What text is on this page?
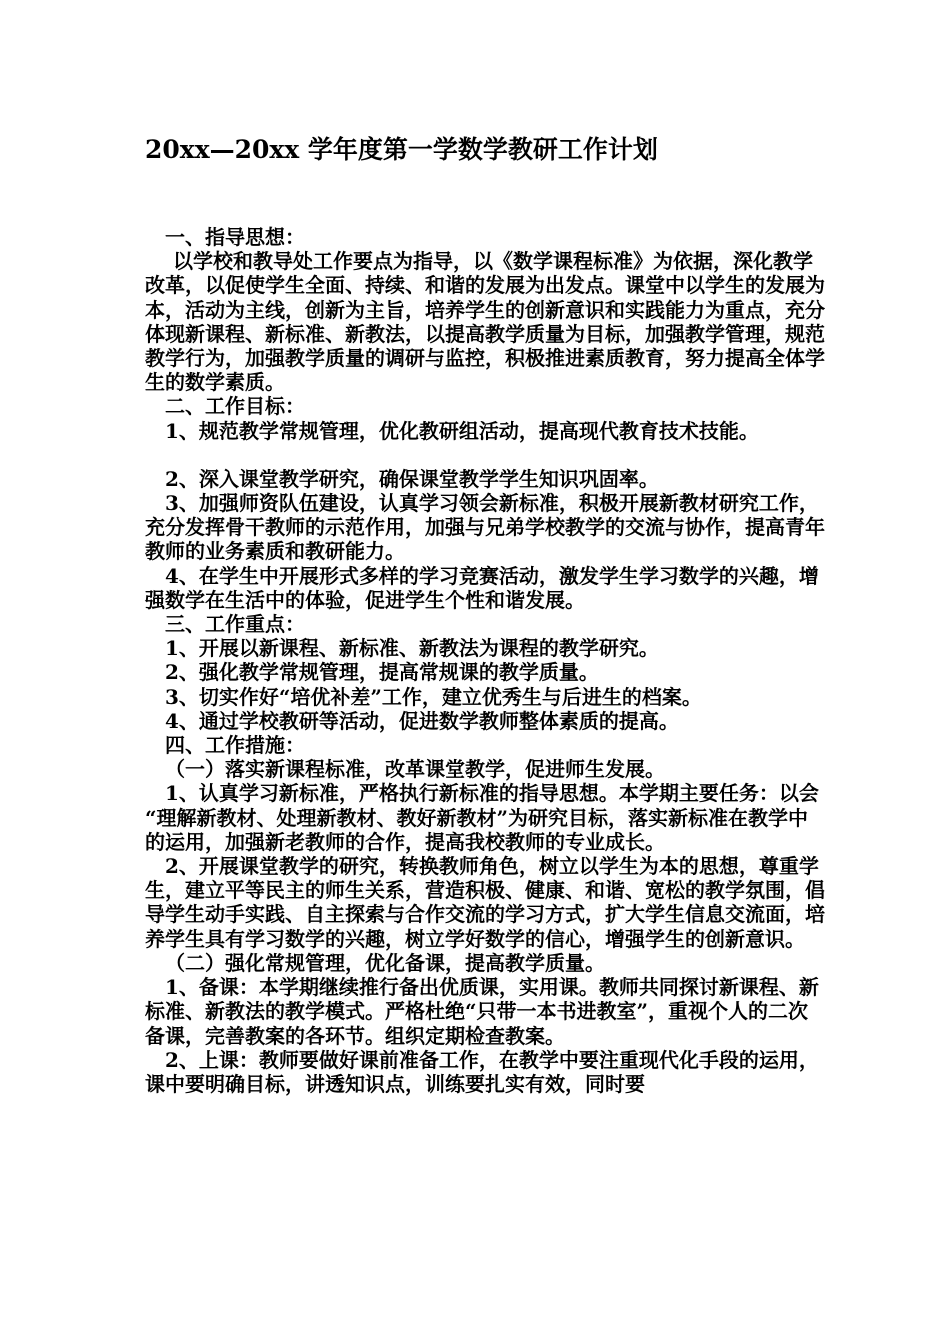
20xx—20xx 学年度第一学数学教研工作计划

一、指导思想：

以学校和教导处工作要点为指导，以《数学课程标准》为依据，深化教学改革，以促使学生全面、持续、和谐的发展为出发点。课堂中以学生的发展为本，活动为主线，创新为主旨，培养学生的创新意识和实践能力为重点，充分体现新课程、新标准、新教法，以提高教学质量为目标，加强教学管理，规范教学行为，加强教学质量的调研与监控，积极推进素质教育，努力提高全体学生的数学素质。

二、工作目标：

1、规范教学常规管理，优化教研组活动，提高现代教育技术技能。

2、深入课堂教学研究，确保课堂教学学生知识巩固率。

3、加强师资队伍建设，认真学习领会新标准，积极开展新教材研究工作，充分发挥骨干教师的示范作用，加强与兄弟学校教学的交流与协作，提高青年教师的业务素质和教研能力。

4、在学生中开展形式多样的学习竞赛活动，激发学生学习数学的兴趣，增强数学在生活中的体验，促进学生个性和谐发展。

三、工作重点：

1、开展以新课程、新标准、新教法为课程的教学研究。

2、强化教学常规管理，提高常规课的教学质量。

3、切实作好“培优补差”工作，建立优秀生与后进生的档案。

4、通过学校教研等活动，促进数学教师整体素质的提高。

四、工作措施：

（一）落实新课程标准，改革课堂教学，促进师生发展。

1、认真学习新标准，严格执行新标准的指导思想。本学期主要任务：以会“理解新教材、处理新教材、教好新教材”为研究目标，落实新标准在教学中的运用，加强新老教师的合作，提高我校教师的专业成长。

2、开展课堂教学的研究，转换教师角色，树立以学生为本的思想，尊重学生，建立平等民主的师生关系，营造积极、健康、和谐、宽松的教学氛围，倡导学生动手实践、自主探索与合作交流的学习方式，扩大学生信息交流面，培养学生具有学习数学的兴趣，树立学好数学的信心，增强学生的创新意识。

（二）强化常规管理，优化备课，提高教学质量。

1、备课：本学期继续推行备出优质课，实用课。教师共同探讨新课程、新标准、新教法的教学模式。严格杜绝“只带一本书进教室”，重视个人的二次备课，完善教案的各环节。组织定期检查教案。

2、上课：教师要做好课前准备工作，在教学中要注重现代化手段的运用，课中要明确目标，讲透知识点，训练要扎实有效，同时要
